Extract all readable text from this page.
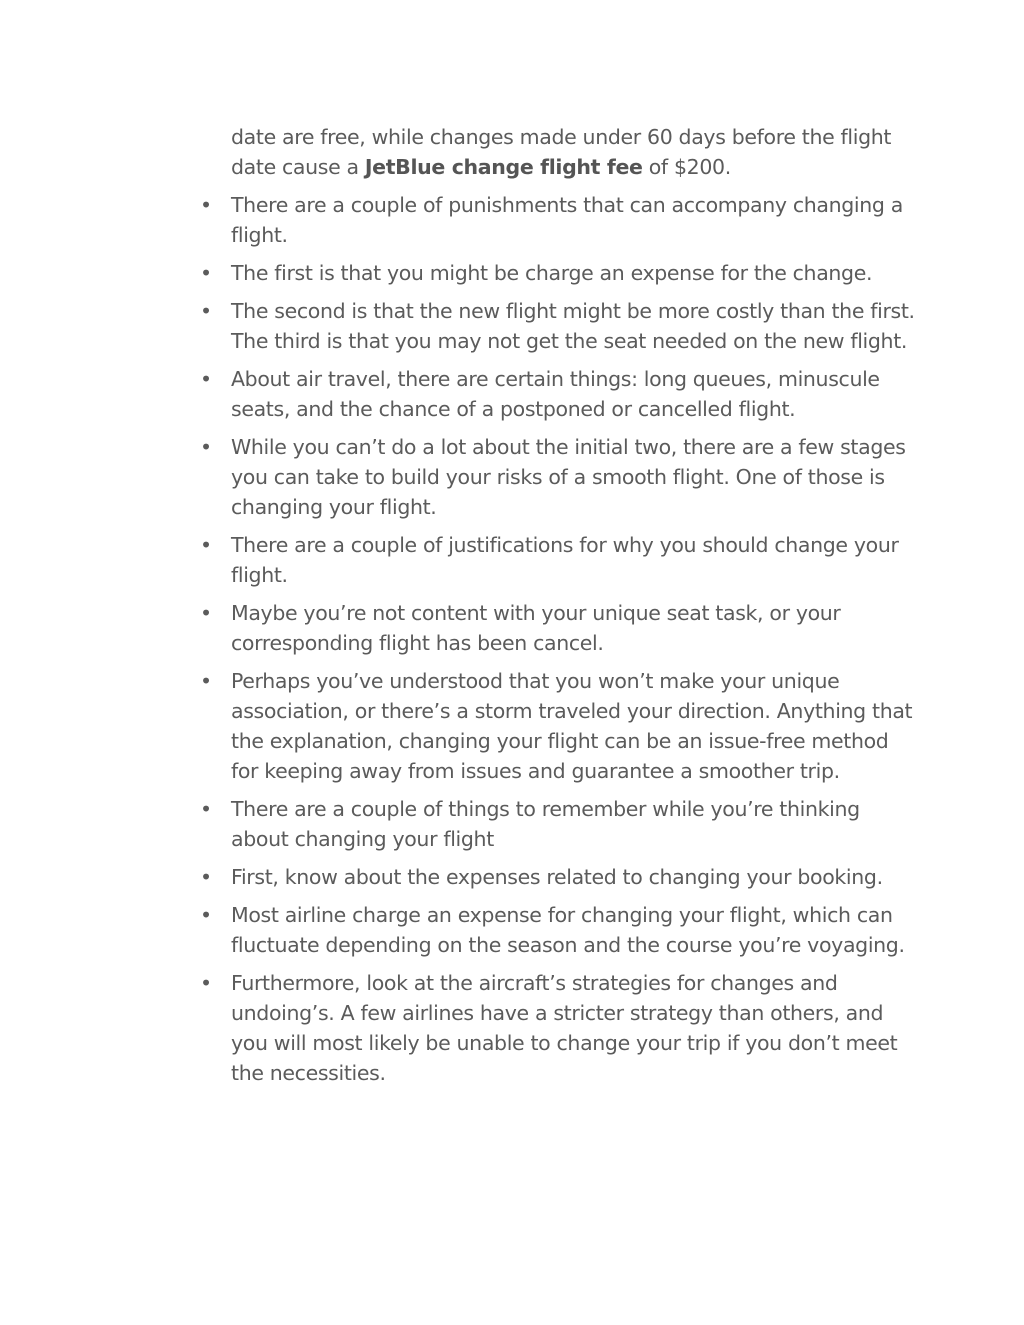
date are free, while changes made under 60 days before the flight date cause a JetBlue change flight fee of $200.

• There are a couple of punishments that can accompany changing a flight.
• The first is that you might be charge an expense for the change.
• The second is that the new flight might be more costly than the first. The third is that you may not get the seat needed on the new flight.
• About air travel, there are certain things: long queues, minuscule seats, and the chance of a postponed or cancelled flight.
• While you can’t do a lot about the initial two, there are a few stages you can take to build your risks of a smooth flight. One of those is changing your flight.
• There are a couple of justifications for why you should change your flight.
• Maybe you’re not content with your unique seat task, or your corresponding flight has been cancel.
• Perhaps you’ve understood that you won’t make your unique association, or there’s a storm traveled your direction. Anything that the explanation, changing your flight can be an issue-free method for keeping away from issues and guarantee a smoother trip.
• There are a couple of things to remember while you’re thinking about changing your flight
• First, know about the expenses related to changing your booking.
• Most airline charge an expense for changing your flight, which can fluctuate depending on the season and the course you’re voyaging.
• Furthermore, look at the aircraft’s strategies for changes and undoing’s. A few airlines have a stricter strategy than others, and you will most likely be unable to change your trip if you don’t meet the necessities.
